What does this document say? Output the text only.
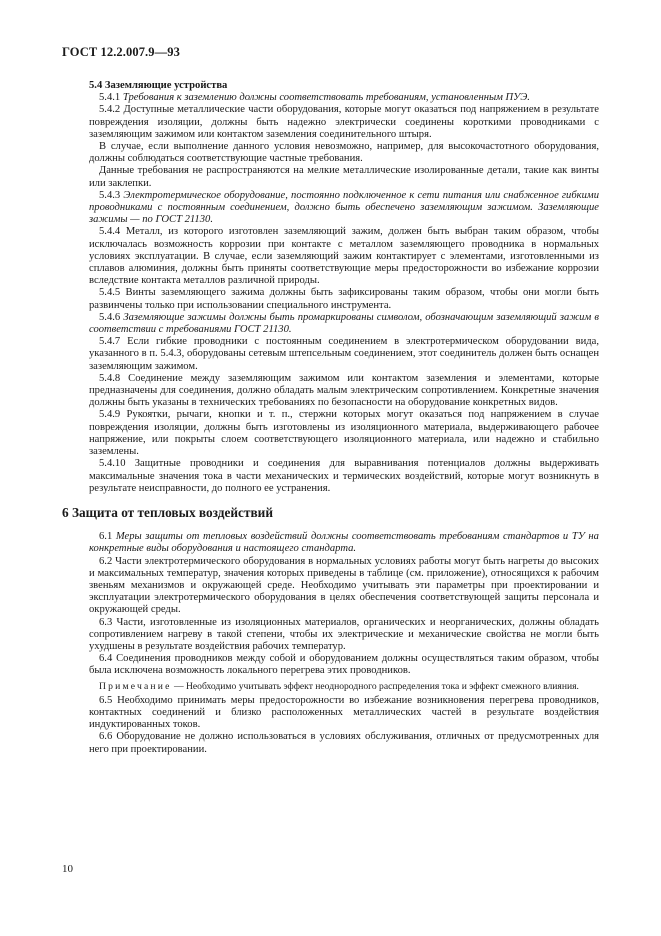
ГОСТ 12.2.007.9—93
5.4 Заземляющие устройства

5.4.1 Требования к заземлению должны соответствовать требованиям, установленным ПУЭ.

5.4.2 Доступные металлические части оборудования, которые могут оказаться под напряжением в результате повреждения изоляции, должны быть надежно электрически соединены короткими проводниками с заземляющим зажимом или контактом заземления соединительного штыря.

В случае, если выполнение данного условия невозможно, например, для высокочастотного оборудования, должны соблюдаться соответствующие частные требования.

Данные требования не распространяются на мелкие металлические изолированные детали, такие как винты или заклепки.

5.4.3 Электротермическое оборудование, постоянно подключенное к сети питания или снабженное гибкими проводниками с постоянным соединением, должно быть обеспечено заземляющим зажимом. Заземляющие зажимы — по ГОСТ 21130.

5.4.4 Металл, из которого изготовлен заземляющий зажим, должен быть выбран таким образом, чтобы исключалась возможность коррозии при контакте с металлом заземляющего проводника в нормальных условиях эксплуатации. В случае, если заземляющий зажим контактирует с элементами, изготовленными из сплавов алюминия, должны быть приняты соответствующие меры предосторожности во избежание коррозии вследствие контакта металлов различной природы.

5.4.5 Винты заземляющего зажима должны быть зафиксированы таким образом, чтобы они могли быть развинчены только при использовании специального инструмента.

5.4.6 Заземляющие зажимы должны быть промаркированы символом, обозначающим заземляющий зажим в соответствии с требованиями ГОСТ 21130.

5.4.7 Если гибкие проводники с постоянным соединением в электротермическом оборудовании вида, указанного в п. 5.4.3, оборудованы сетевым штепсельным соединением, этот соединитель должен быть оснащен заземляющим зажимом.

5.4.8 Соединение между заземляющим зажимом или контактом заземления и элементами, которые предназначены для соединения, должно обладать малым электрическим сопротивлением. Конкретные значения должны быть указаны в технических требованиях по безопасности на оборудование конкретных видов.

5.4.9 Рукоятки, рычаги, кнопки и т. п., стержни которых могут оказаться под напряжением в случае повреждения изоляции, должны быть изготовлены из изоляционного материала, выдерживающего рабочее напряжение, или покрыты слоем соответствующего изоляционного материала, или надежно и стабильно заземлены.

5.4.10 Защитные проводники и соединения для выравнивания потенциалов должны выдерживать максимальные значения тока в части механических и термических воздействий, которые могут возникнуть в результате неисправности, до полного ее устранения.

6 Защита от тепловых воздействий

6.1 Меры защиты от тепловых воздействий должны соответствовать требованиям стандартов и ТУ на конкретные виды оборудования и настоящего стандарта.

6.2 Части электротермического оборудования в нормальных условиях работы могут быть нагреты до высоких и максимальных температур, значения которых приведены в таблице (см. приложение), относящихся к рабочим звеньям механизмов и окружающей среде. Необходимо учитывать эти параметры при проектировании и эксплуатации электротермического оборудования в целях обеспечения соответствующей защиты персонала и окружающей среды.

6.3 Части, изготовленные из изоляционных материалов, органических и неорганических, должны обладать сопротивлением нагреву в такой степени, чтобы их электрические и механические свойства не могли быть ухудшены в результате воздействия рабочих температур.

6.4 Соединения проводников между собой и оборудованием должны осуществляться таким образом, чтобы была исключена возможность локального перегрева этих проводников.

Примечание — Необходимо учитывать эффект неоднородного распределения тока и эффект смежного влияния.

6.5 Необходимо принимать меры предосторожности во избежание возникновения перегрева проводников, контактных соединений и близко расположенных металлических частей в результате воздействия индуктированных токов.

6.6 Оборудование не должно использоваться в условиях обслуживания, отличных от предусмотренных для него при проектировании.

10
